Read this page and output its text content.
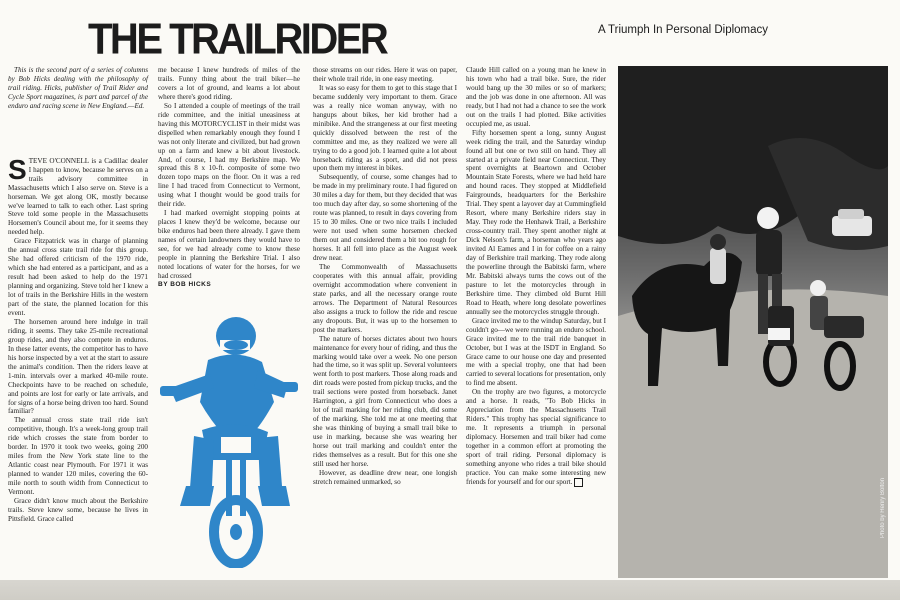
THE TRAILRIDER	A Triumph In Personal Diplomacy

This is the second part of a series of columns by Bob Hicks dealing with the philosophy of trail riding. Hicks, publisher of Trail Rider and Cycle Sport magazines, is part and parcel of the enduro and racing scene in New England.—Ed.

STEVE O'CONNELL is a Cadillac dealer I happen to know, because he serves on a trails advisory committee in Massachusetts which I also serve on. Steve is a horseman. We get along OK, mostly because we've learned to talk to each other. Last spring Steve told some people in the Massachusetts Horsemen's Council about me, for it seems they needed help.

Grace Fitzpatrick was in charge of planning the annual cross state trail ride for this group. She had offered criticism of the 1970 ride, which she had entered as a participant, and as a result had been asked to help do the 1971 planning and organizing. Steve told her I knew a lot of trails in the Berkshire Hills in the western part of the state, the planned location for this event.

The horsemen around here indulge in trail riding, it seems. They take 25-mile recreational group rides, and they also compete in enduros. In these latter events, the competitor has to have his horse inspected by a vet at the start to assure the animal's condition. Then the riders leave at 1-min. intervals over a marked 40-mile route. Checkpoints have to be reached on schedule, and points are lost for early or late arrivals, and for signs of a horse being driven too hard. Sound familiar?

The annual cross state trail ride isn't competitive, though. It's a week-long group trail ride which crosses the state from border to border. In 1970 it took two weeks, going 200 miles from the New York state line to the Atlantic coast near Plymouth. For 1971 it was planned to wander 120 miles, covering the 60-mile north to south width from Connecticut to Vermont.

Grace didn't know much about the Berkshire trails. Steve knew some, because he lives in Pittsfield. Grace called

me because I knew hundreds of miles of the trails. Funny thing about the trail biker—he covers a lot of ground, and learns a lot about where there's good riding.

So I attended a couple of meetings of the trail ride committee, and the initial uneasiness at having this MOTORCYCLIST in their midst was dispelled when remarkably enough they found I was not only literate and civilized, but had grown up on a farm and knew a bit about livestock. And, of course, I had my Berkshire map. We spread this 8 x 10-ft. composite of some two dozen topo maps on the floor. On it was a red line I had traced from Connecticut to Vermont, using what I thought would be good trails for their ride.

I had marked overnight stopping points at places I knew they'd be welcome, because our bike enduros had been there already. I gave them names of certain landowners they would have to see, for we had already come to know these people in planning the Berkshire Trial. I also noted locations of water for the horses, for we had crossed

BY BOB HICKS

those streams on our rides. Here it was on paper, their whole trail ride, in one easy meeting.

It was so easy for them to get to this stage that I became suddenly very important to them. Grace was a really nice woman anyway, with no hangups about bikes, her kid brother had a minibike. And the strangeness at our first meeting quickly dissolved between the rest of the committee and me, as they realized we were all trying to do a good job. I learned quite a lot about horseback riding as a sport, and did not press upon them my interest in bikes.

Subsequently, of course, some changes had to be made in my preliminary route. I had figured on 30 miles a day for them, but they decided that was too much day after day, so some shortening of the route was planned, to result in days covering from 15 to 30 miles. One or two nice trails I included were not used when some horsemen checked them out and considered them a bit too rough for horses. It all fell into place as the August week drew near.

The Commonwealth of Massachusetts cooperates with this annual affair, providing overnight accommodation where convenient in state parks, and all the necessary orange route arrows. The Department of Natural Resources also assigns a truck to follow the ride and rescue any dropouts. But, it was up to the horsemen to post the markers.

The nature of horses dictates about two hours maintenance for every hour of riding, and thus the marking would take over a week. No one person had the time, so it was split up. Several volunteers went forth to post markers. Those along roads and dirt roads were posted from pickup trucks, and the trail sections were posted from horseback. Janet Harrington, a girl from Connecticut who does a lot of trail marking for her riding club, did some of the marking. She told me at one meeting that she was thinking of buying a small trail bike to use in marking, because she was wearing her horse out trail marking and couldn't enter the rides themselves as a result. But for this one she still used her horse.

However, as deadline drew near, one longish stretch remained unmarked, so

Claude Hill called on a young man he knew in his town who had a trail bike. Sure, the rider would bang up the 30 miles or so of markers; and the job was done in one afternoon. All was ready, but I had not had a chance to see the work out on the trails I had plotted. Bike activities occupied me, as usual.

Fifty horsemen spent a long, sunny August week riding the trail, and the Saturday windup found all but one or two still on hand. They all started at a private field near Connecticut. They spent overnights at Beartown and October Mountain State Forests, where we had held hare and hound races. They stopped at Middlefield Fairgrounds, headquarters for the Berkshire Trial. They spent a layover day at Cummingfield Resort, where many Berkshire riders stay in May. They rode the Henhawk Trail, a Berkshire cross-country trail. They spent another night at Dick Nelson's farm, a horseman who years ago invited Al Eames and I in for coffee on a rainy day of Berkshire trail marking. They rode along the powerline through the Babitski farm, where Mr. Babitski always turns the cows out of the pasture to let the motorcycles through in Berkshire time. They climbed old Burnt Hill Road to Heath, where long desolate powerlines annually see the motorcycles struggle through.

Grace invited me to the windup Saturday, but I couldn't go—we were running an enduro school. Grace invited me to the trail ride banquet in October, but I was at the ISDT in England. So Grace came to our house one day and presented me with a special trophy, one that had been carried to several locations for presentation, only to find me absent.

On the trophy are two figures, a motorcycle and a horse. It reads, "To Bob Hicks in Appreciation from the Massachusetts Trail Riders." This trophy has special significance to me. It represents a triumph in personal diplomacy. Horsemen and trail biker had come together in a common effort at promoting the sport of trail riding. Personal diplomacy is something anyone who rides a trail bike should practice. You can make some interesting new friends for yourself and for our sport.	Photo by Henry Bolton
